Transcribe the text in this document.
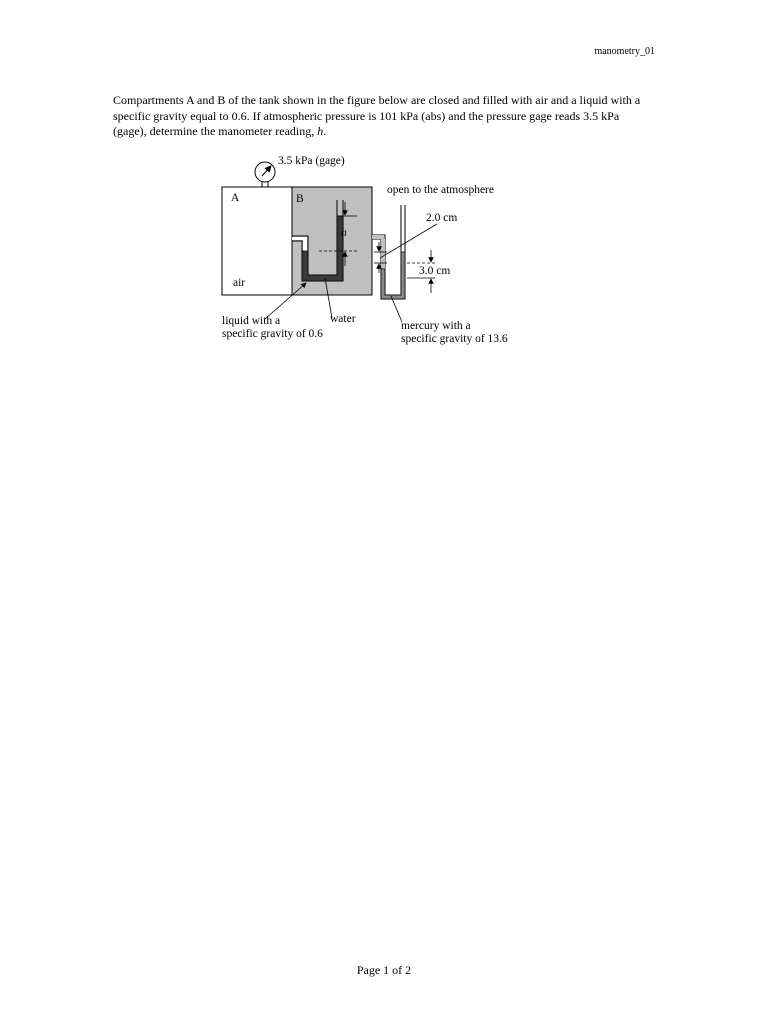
manometry_01
Compartments A and B of the tank shown in the figure below are closed and filled with air and a liquid with a specific gravity equal to 0.6. If atmospheric pressure is 101 kPa (abs) and the pressure gage reads 3.5 kPa (gage), determine the manometer reading, h.
3.5 kPa (gage)
A	B
air
open to the atmosphere
h
2.0 cm
3.0 cm
liquid with a
specific gravity of 0.6
water
mercury with a
specific gravity of 13.6
Page 1 of 2
